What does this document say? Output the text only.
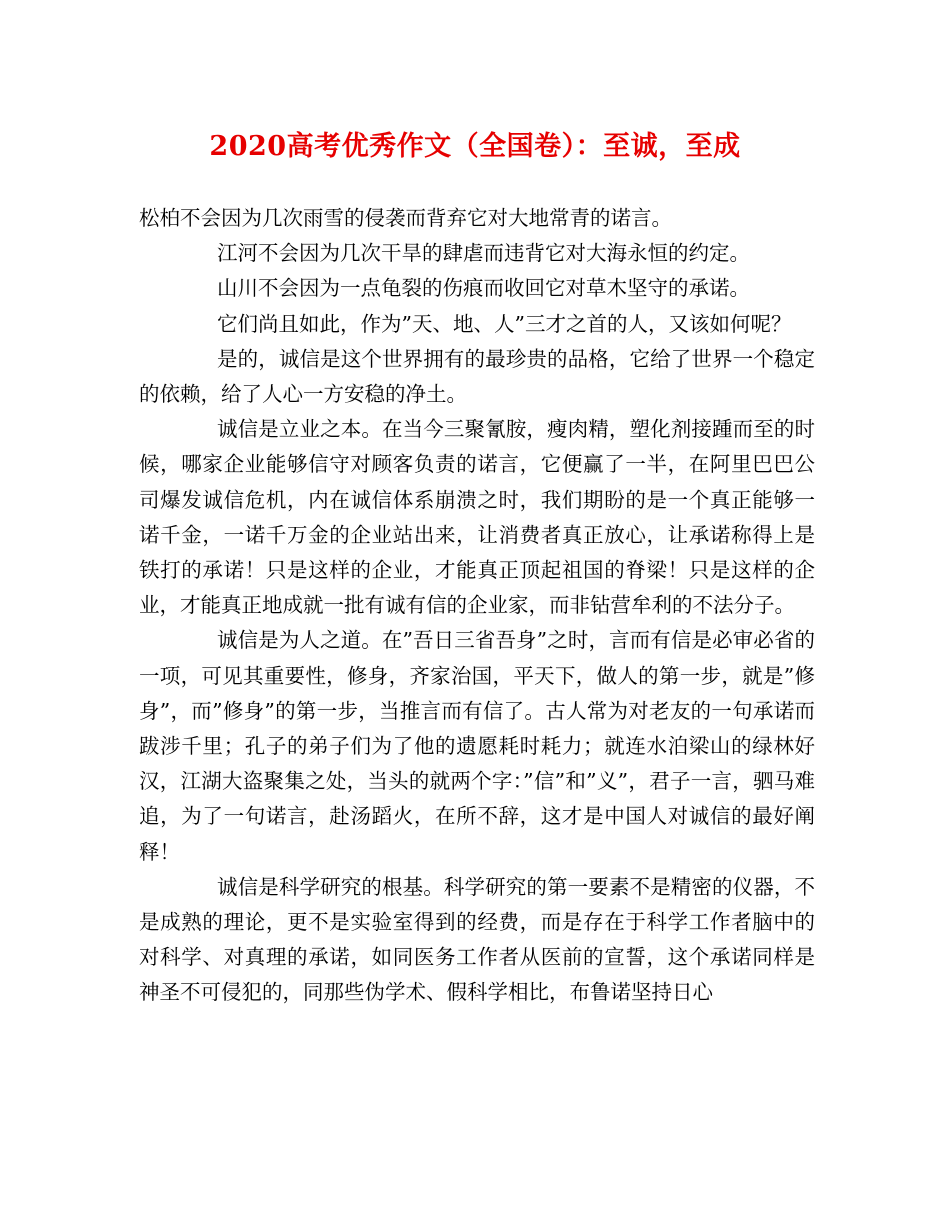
2020高考优秀作文（全国卷）：至诚，至成

松柏不会因为几次雨雪的侵袭而背弃它对大地常青的诺言。

江河不会因为几次干旱的肆虐而违背它对大海永恒的约定。

山川不会因为一点龟裂的伤痕而收回它对草木坚守的承诺。

它们尚且如此，作为”天、地、人”三才之首的人，又该如何呢？

是的，诚信是这个世界拥有的最珍贵的品格，它给了世界一个稳定的依赖，给了人心一方安稳的净土。

诚信是立业之本。在当今三聚氰胺，瘦肉精，塑化剂接踵而至的时候，哪家企业能够信守对顾客负责的诺言，它便赢了一半，在阿里巴巴公司爆发诚信危机，内在诚信体系崩溃之时，我们期盼的是一个真正能够一诺千金，一诺千万金的企业站出来，让消费者真正放心，让承诺称得上是铁打的承诺！只是这样的企业，才能真正顶起祖国的脊梁！只是这样的企业，才能真正地成就一批有诚有信的企业家，而非钻营牟利的不法分子。

诚信是为人之道。在”吾日三省吾身”之时，言而有信是必审必省的一项，可见其重要性，修身，齐家治国，平天下，做人的第一步，就是”修身”，而”修身”的第一步，当推言而有信了。古人常为对老友的一句承诺而跋涉千里；孔子的弟子们为了他的遗愿耗时耗力；就连水泊梁山的绿林好汉，江湖大盗聚集之处，当头的就两个字：”信”和”义”，君子一言，驷马难追，为了一句诺言，赴汤蹈火，在所不辞，这才是中国人对诚信的最好阐释！

诚信是科学研究的根基。科学研究的第一要素不是精密的仪器，不是成熟的理论，更不是实验室得到的经费，而是存在于科学工作者脑中的对科学、对真理的承诺，如同医务工作者从医前的宣誓，这个承诺同样是神圣不可侵犯的，同那些伪学术、假科学相比，布鲁诺坚持日心
